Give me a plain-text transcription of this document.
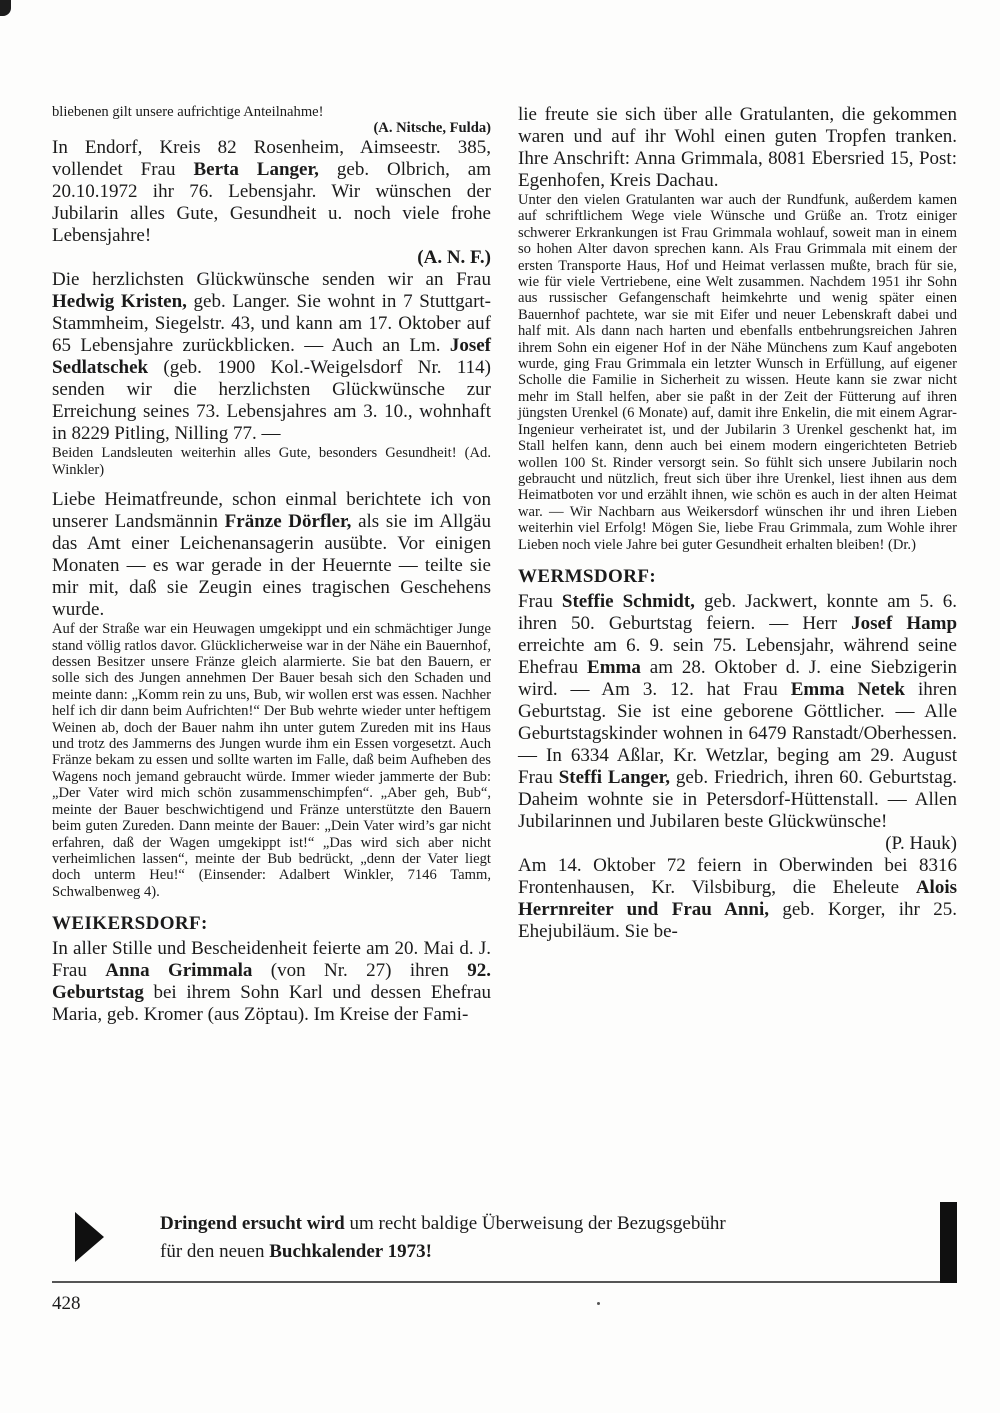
bliebenen gilt unsere aufrichtige Anteilnahme!

(A. Nitsche, Fulda)

In Endorf, Kreis 82 Rosenheim, Aimseestr. 385, vollendet Frau Berta Langer, geb. Olbrich, am 20.10.1972 ihr 76. Lebensjahr. Wir wünschen der Jubilarin alles Gute, Gesundheit u. noch viele frohe Lebensjahre!

(A. N. F.)

Die herzlichsten Glückwünsche senden wir an Frau Hedwig Kristen, geb. Langer. Sie wohnt in 7 Stuttgart-Stammheim, Siegelstr. 43, und kann am 17. Oktober auf 65 Lebensjahre zurückblicken. — Auch an Lm. Josef Sedlatschek (geb. 1900 Kol.-Weigelsdorf Nr. 114) senden wir die herzlichsten Glückwünsche zur Erreichung seines 73. Lebensjahres am 3. 10., wohnhaft in 8229 Pitling, Nilling 77. —

Beiden Landsleuten weiterhin alles Gute, besonders Gesundheit! (Ad. Winkler)

Liebe Heimatfreunde, schon einmal berichtete ich von unserer Landsmännin Fränze Dörfler, als sie im Allgäu das Amt einer Leichenansagerin ausübte. Vor einigen Monaten — es war gerade in der Heuernte — teilte sie mir mit, daß sie Zeugin eines tragischen Geschehens wurde.

Auf der Straße war ein Heuwagen umgekippt und ein schmächtiger Junge stand völlig ratlos davor. Glücklicherweise war in der Nähe ein Bauernhof, dessen Besitzer unsere Fränze gleich alarmierte. Sie bat den Bauern, er solle sich des Jungen annehmen Der Bauer besah sich den Schaden und meinte dann: „Komm rein zu uns, Bub, wir wollen erst was essen. Nachher helf ich dir dann beim Aufrichten!“ Der Bub wehrte wieder unter heftigem Weinen ab, doch der Bauer nahm ihn unter gutem Zureden mit ins Haus und trotz des Jammerns des Jungen wurde ihm ein Essen vorgesetzt. Auch Fränze bekam zu essen und sollte warten im Falle, daß beim Aufheben des Wagens noch jemand gebraucht würde. Immer wieder jammerte der Bub: „Der Vater wird mich schön zusammenschimpfen“. „Aber geh, Bub“, meinte der Bauer beschwichtigend und Fränze unterstützte den Bauern beim guten Zureden. Dann meinte der Bauer: „Dein Vater wird’s gar nicht erfahren, daß der Wagen umgekippt ist!“ „Das wird sich aber nicht verheimlichen lassen“, meinte der Bub bedrückt, „denn der Vater liegt doch unterm Heu!“ (Einsender: Adalbert Winkler, 7146 Tamm, Schwalbenweg 4).

WEIKERSDORF:

In aller Stille und Bescheidenheit feierte am 20. Mai d. J. Frau Anna Grimmala (von Nr. 27) ihren 92. Geburtstag bei ihrem Sohn Karl und dessen Ehefrau Maria, geb. Kromer (aus Zöptau). Im Kreise der Fami-

lie freute sie sich über alle Gratulanten, die gekommen waren und auf ihr Wohl einen guten Tropfen tranken. Ihre Anschrift: Anna Grimmala, 8081 Ebersried 15, Post: Egenhofen, Kreis Dachau.

Unter den vielen Gratulanten war auch der Rundfunk, außerdem kamen auf schriftlichem Wege viele Wünsche und Grüße an. Trotz einiger schwerer Erkrankungen ist Frau Grimmala wohlauf, soweit man in einem so hohen Alter davon sprechen kann. Als Frau Grimmala mit einem der ersten Transporte Haus, Hof und Heimat verlassen mußte, brach für sie, wie für viele Vertriebene, eine Welt zusammen. Nachdem 1951 ihr Sohn aus russischer Gefangenschaft heimkehrte und wenig später einen Bauernhof pachtete, war sie mit Eifer und neuer Lebenskraft dabei und half mit. Als dann nach harten und ebenfalls entbehrungsreichen Jahren ihrem Sohn ein eigener Hof in der Nähe Münchens zum Kauf angeboten wurde, ging Frau Grimmala ein letzter Wunsch in Erfüllung, auf eigener Scholle die Familie in Sicherheit zu wissen. Heute kann sie zwar nicht mehr im Stall helfen, aber sie paßt in der Zeit der Fütterung auf ihren jüngsten Urenkel (6 Monate) auf, damit ihre Enkelin, die mit einem Agrar-Ingenieur verheiratet ist, und der Jubilarin 3 Urenkel geschenkt hat, im Stall helfen kann, denn auch bei einem modern eingerichteten Betrieb wollen 100 St. Rinder versorgt sein. So fühlt sich unsere Jubilarin noch gebraucht und nützlich, freut sich über ihre Urenkel, liest ihnen aus dem Heimatboten vor und erzählt ihnen, wie schön es auch in der alten Heimat war. — Wir Nachbarn aus Weikersdorf wünschen ihr und ihren Lieben weiterhin viel Erfolg! Mögen Sie, liebe Frau Grimmala, zum Wohle ihrer Lieben noch viele Jahre bei guter Gesundheit erhalten bleiben! (Dr.)

WERMSDORF:

Frau Steffie Schmidt, geb. Jackwert, konnte am 5. 6. ihren 50. Geburtstag feiern. — Herr Josef Hamp erreichte am 6. 9. sein 75. Lebensjahr, während seine Ehefrau Emma am 28. Oktober d. J. eine Siebzigerin wird. — Am 3. 12. hat Frau Emma Netek ihren Geburtstag. Sie ist eine geborene Göttlicher. — Alle Geburtstagskinder wohnen in 6479 Ranstadt/Oberhessen. — In 6334 Aßlar, Kr. Wetzlar, beging am 29. August Frau Steffi Langer, geb. Friedrich, ihren 60. Geburtstag. Daheim wohnte sie in Petersdorf-Hüttenstall. — Allen Jubilarinnen und Jubilaren beste Glückwünsche!

(P. Hauk)

Am 14. Oktober 72 feiern in Oberwinden bei 8316 Frontenhausen, Kr. Vilsbiburg, die Eheleute Alois Herrnreiter und Frau Anni, geb. Korger, ihr 25. Ehejubiläum. Sie be-

Dringend ersucht wird um recht baldige Überweisung der Bezugsgebühr
für den neuen Buchkalender 1973!
428
